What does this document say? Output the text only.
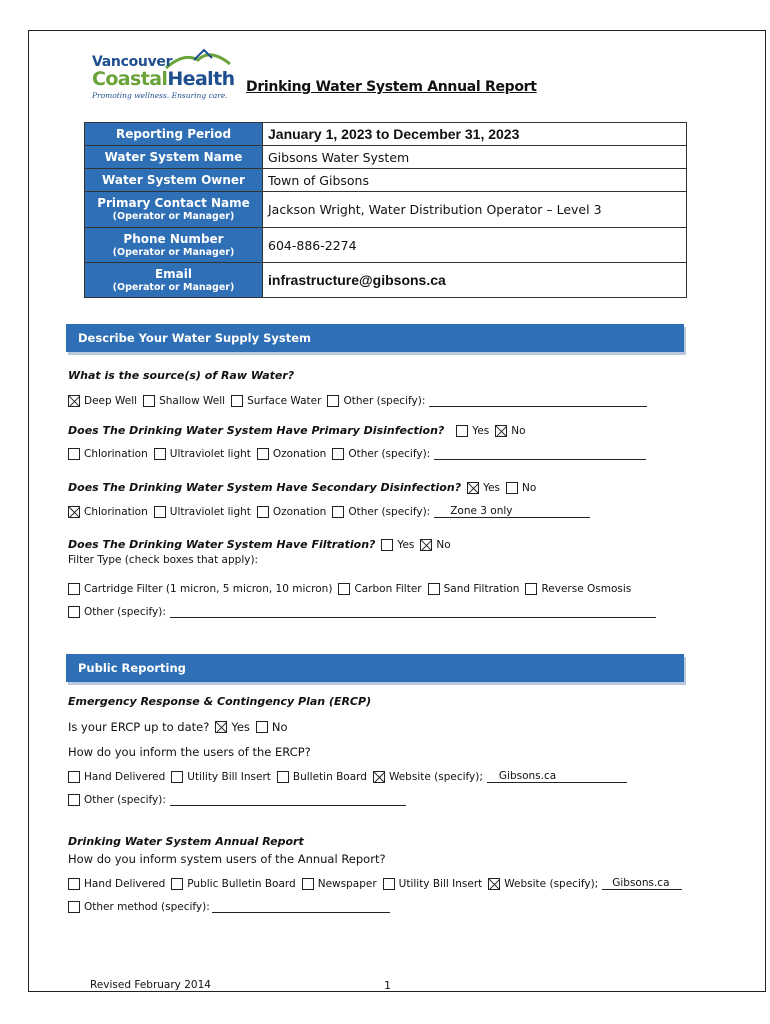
Vancouver
CoastalHealth
Promoting wellness. Ensuring care.
Drinking Water System Annual Report
Reporting Period	January 1, 2023 to December 31, 2023
Water System Name	Gibsons Water System
Water System Owner	Town of Gibsons
Primary Contact Name
(Operator or Manager)	Jackson Wright, Water Distribution Operator – Level 3
Phone Number
(Operator or Manager)	604-886-2274
Email
(Operator or Manager)	infrastructure@gibsons.ca
Describe Your Water Supply System
What is the source(s) of Raw Water?
Deep Well Shallow Well Surface Water Other (specify):
Does The Drinking Water System Have Primary Disinfection?	Yes No
Chlorination Ultraviolet light Ozonation Other (specify):
Does The Drinking Water System Have Secondary Disinfection? Yes No
Chlorination Ultraviolet light Ozonation Other (specify):	Zone 3 only
Does The Drinking Water System Have Filtration? Yes No
Filter Type (check boxes that apply):
Cartridge Filter (1 micron, 5 micron, 10 micron) Carbon Filter Sand Filtration Reverse Osmosis
Other (specify):
Public Reporting
Emergency Response & Contingency Plan (ERCP)
Is your ERCP up to date? Yes No
How do you inform the users of the ERCP?
Hand Delivered Utility Bill Insert Bulletin Board Website (specify);	Gibsons.ca
Other (specify):
Drinking Water System Annual Report
How do you inform system users of the Annual Report?
Hand Delivered Public Bulletin Board Newspaper Utility Bill Insert Website (specify);	Gibsons.ca
Other method (specify):
Revised February 2014	1
